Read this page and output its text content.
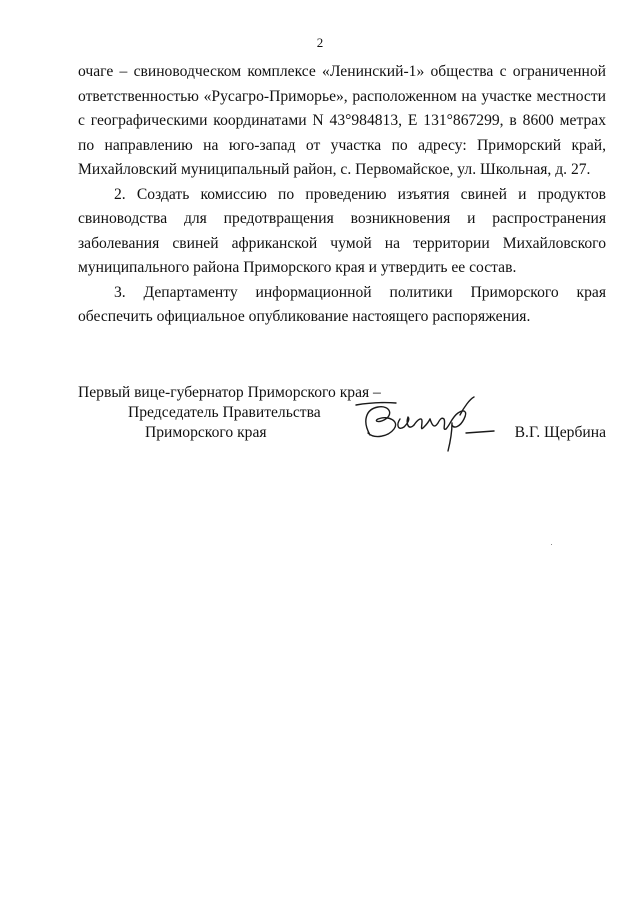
2

очаге – свиноводческом комплексе «Ленинский-1» общества с ограниченной ответственностью «Русагро-Приморье», расположенном на участке местности с географическими координатами N 43°984813, E 131°867299, в 8600 метрах по направлению на юго-запад от участка по адресу: Приморский край, Михайловский муниципальный район, с. Первомайское, ул. Школьная, д. 27.

2. Создать комиссию по проведению изъятия свиней и продуктов свиноводства для предотвращения возникновения и распространения заболевания свиней африканской чумой на территории Михайловского муниципального района Приморского края и утвердить ее состав.

3. Департаменту информационной политики Приморского края обеспечить официальное опубликование настоящего распоряжения.

Первый вице-губернатор Приморского края –
Председатель Правительства
Приморского края	В.Г. Щербина
